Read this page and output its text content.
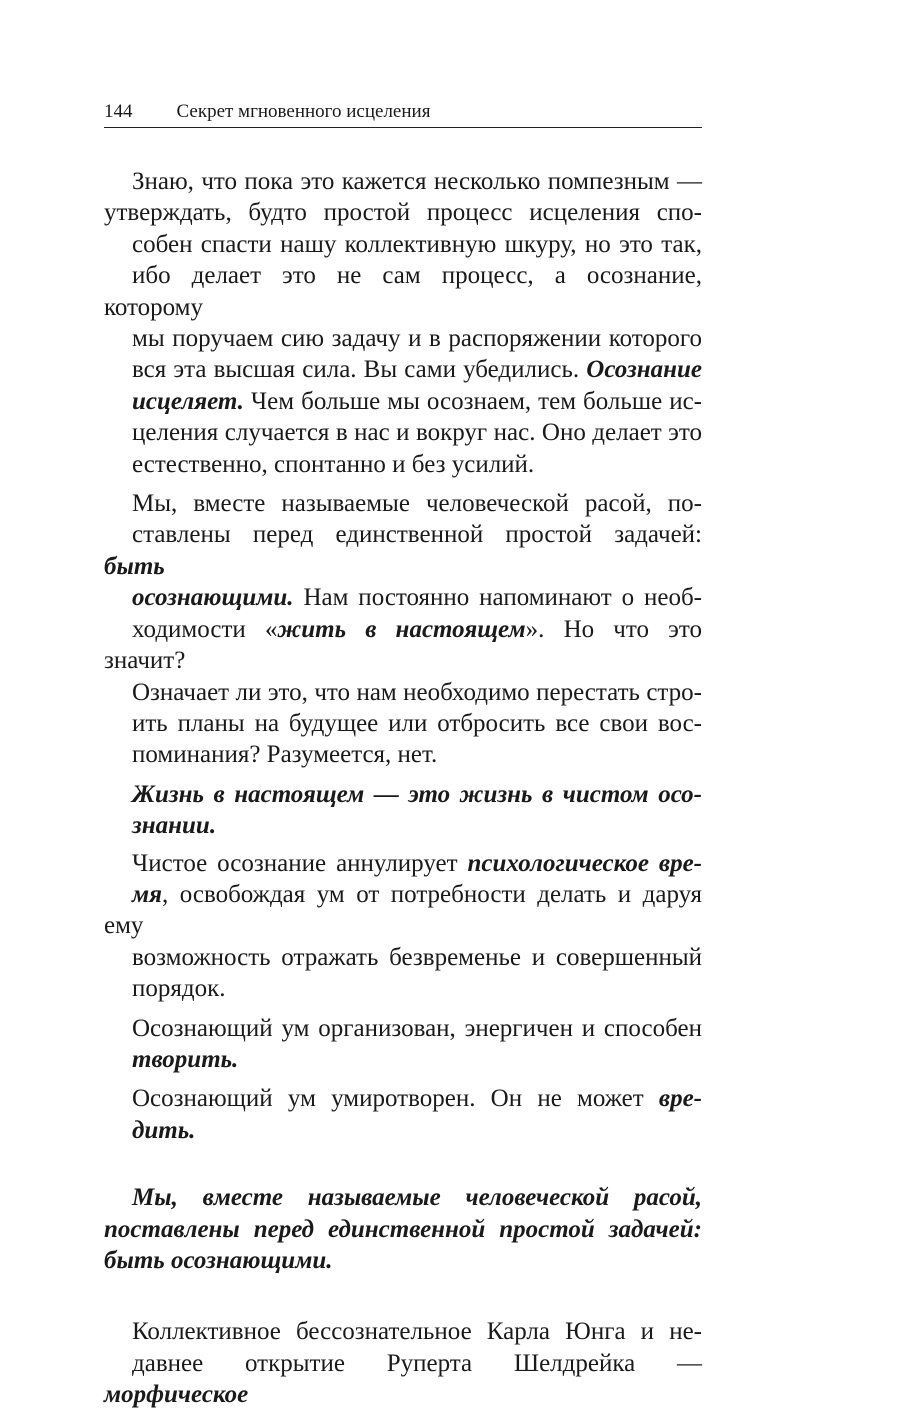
144 Секрет мгновенного исцеления

Знаю, что пока это кажется несколько помпезным —
утверждать, будто простой процесс исцеления спо-
собен спасти нашу коллективную шкуру, но это так,
ибо делает это не сам процесс, а осознание, которому
мы поручаем сию задачу и в распоряжении которого
вся эта высшая сила. Вы сами убедились. Осознание
исцеляет. Чем больше мы осознаем, тем больше ис-
целения случается в нас и вокруг нас. Оно делает это
естественно, спонтанно и без усилий.

Мы, вместе называемые человеческой расой, по-
ставлены перед единственной простой задачей: быть
осознающими. Нам постоянно напоминают о необ-
ходимости «жить в настоящем». Но что это значит?
Означает ли это, что нам необходимо перестать стро-
ить планы на будущее или отбросить все свои вос-
поминания? Разумеется, нет.

Жизнь в настоящем — это жизнь в чистом осо-
знании.

Чистое осознание аннулирует психологическое вре-
мя, освобождая ум от потребности делать и даруя ему
возможность отражать безвременье и совершенный
порядок.

Осознающий ум организован, энергичен и способен
творить.

Осознающий ум умиротворен. Он не может вре-
дить.

Мы, вместе называемые человеческой расой,
поставлены перед единственной простой задачей:
быть осознающими.

Коллективное бессознательное Карла Юнга и не-
давнее открытие Руперта Шелдрейка — морфическое
